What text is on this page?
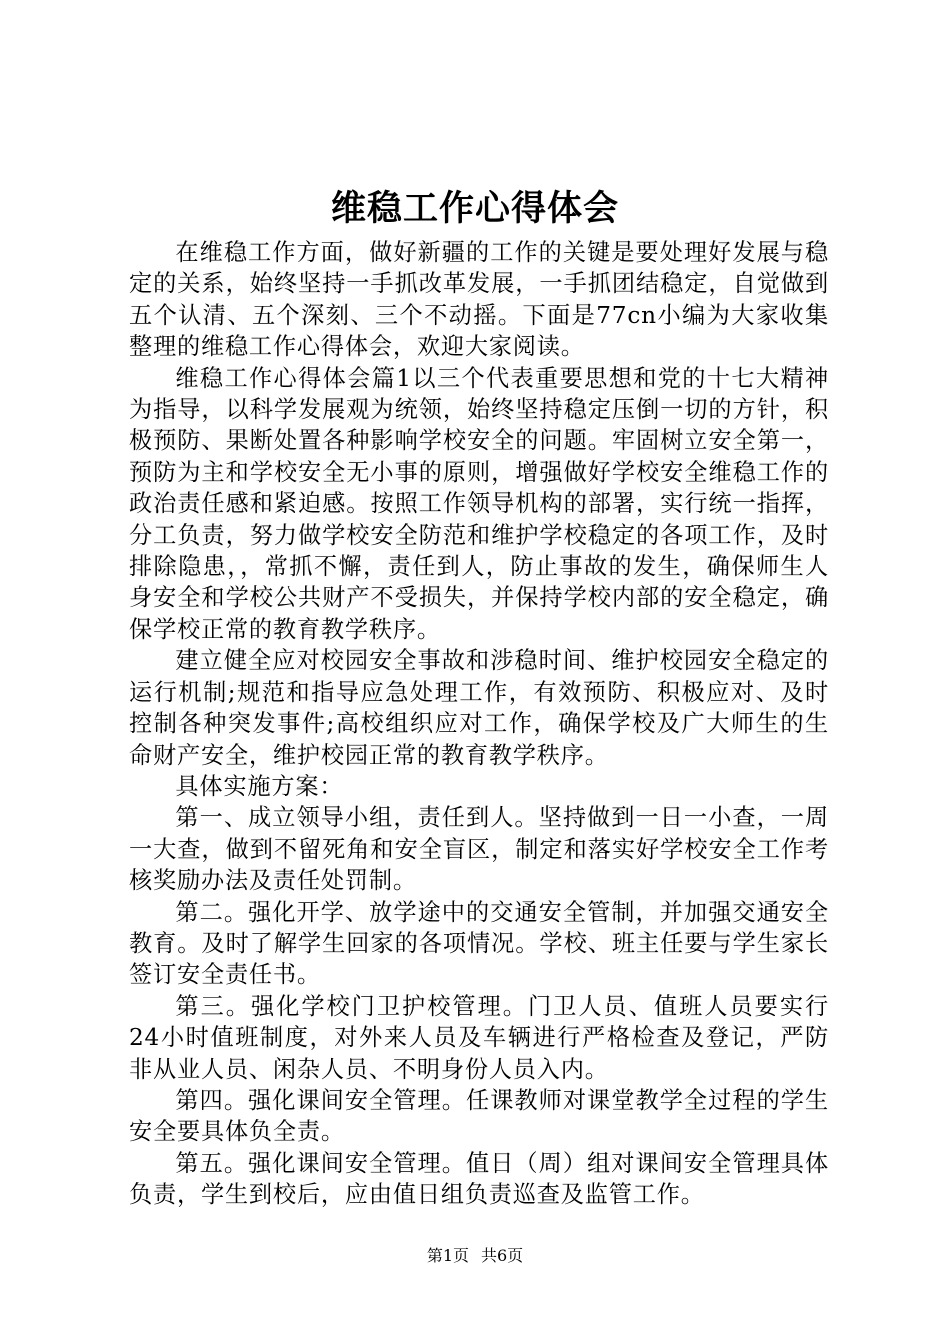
维稳工作心得体会

在维稳工作方面，做好新疆的工作的关键是要处理好发展与稳定的关系，始终坚持一手抓改革发展，一手抓团结稳定，自觉做到五个认清、五个深刻、三个不动摇。下面是77cn小编为大家收集整理的维稳工作心得体会，欢迎大家阅读。

维稳工作心得体会篇1以三个代表重要思想和党的十七大精神为指导，以科学发展观为统领，始终坚持稳定压倒一切的方针，积极预防、果断处置各种影响学校安全的问题。牢固树立安全第一，预防为主和学校安全无小事的原则，增强做好学校安全维稳工作的政治责任感和紧迫感。按照工作领导机构的部署，实行统一指挥，分工负责，努力做学校安全防范和维护学校稳定的各项工作，及时排除隐患，，常抓不懈，责任到人，防止事故的发生，确保师生人身安全和学校公共财产不受损失，并保持学校内部的安全稳定，确保学校正常的教育教学秩序。

建立健全应对校园安全事故和涉稳时间、维护校园安全稳定的运行机制;规范和指导应急处理工作，有效预防、积极应对、及时控制各种突发事件;高校组织应对工作，确保学校及广大师生的生命财产安全，维护校园正常的教育教学秩序。

具体实施方案：

第一、成立领导小组，责任到人。坚持做到一日一小查，一周一大查，做到不留死角和安全盲区，制定和落实好学校安全工作考核奖励办法及责任处罚制。

第二。强化开学、放学途中的交通安全管制，并加强交通安全教育。及时了解学生回家的各项情况。学校、班主任要与学生家长签订安全责任书。

第三。强化学校门卫护校管理。门卫人员、值班人员要实行24小时值班制度，对外来人员及车辆进行严格检查及登记，严防非从业人员、闲杂人员、不明身份人员入内。

第四。强化课间安全管理。任课教师对课堂教学全过程的学生安全要具体负全责。

第五。强化课间安全管理。值日（周）组对课间安全管理具体负责，学生到校后，应由值日组负责巡查及监管工作。

第1页 共6页
